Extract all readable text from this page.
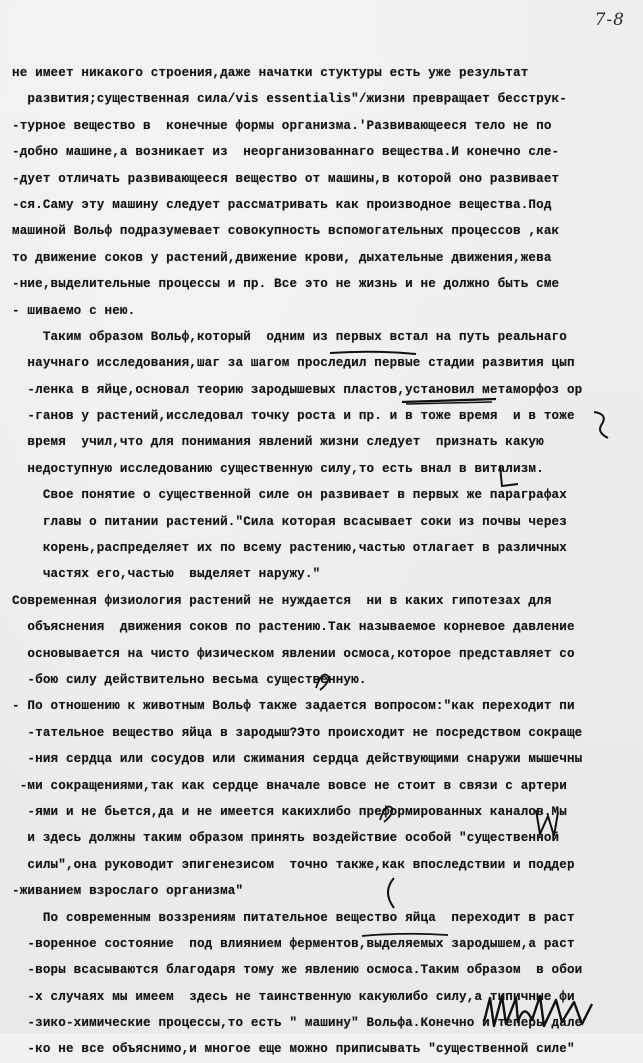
7-8
не имеет никакого строения,даже начатки стуктуры есть уже результат
развития;существенная сила/vis essentialis"/жизни превращает бесструк-
-турное вещество в  конечные формы организма.'Развивающееся тело не по
-добно машине,а возникает из  неорганизованнаго вещества.И конечно сле-
-дует отличать развивающееся вещество от машины,в которой оно развивает
-ся.Саму эту машину следует рассматривать как производное вещества.Под
машиной Вольф подразумевает совокупность вспомогательных процессов ,как
то движение соков у растений,движение крови, дыхательные движения,жева
-ние,выделительные процессы и пр. Все это не жизнь и не должно быть сме
- шиваемо с нею.
Таким образом Вольф,который  одним из первых встал на путь реальнаго
научнаго исследования,шаг за шагом проследил первые стадии развития цып
-ленка в яйце,основал теорию зародышевых пластов,установил метаморфоз ор
-ганов у растений,исследовал точку роста и пр. и в тоже время  и в тоже
время  учил,что для понимания явлений жизни следует  признать какую
недоступную исследованию существенную силу,то есть внал в витализм.
Свое понятие о существенной силе он развивает в первых же параграфах
главы о питании растений."Сила которая всасывает соки из почвы через
корень,распределяет их по всему растению,частью отлагает в различных
частях его,частью  выделяет наружу."
Современная физиология растений не нуждается  ни в каких гипотезах для
объяснения  движения соков по растению.Так называемое корневое давление
основывается на чисто физическом явлении осмоса,которое представляет со
-бою силу действительно весьма существенную.
- По отношению к животным Вольф также задается вопросом:"как переходит пи
-тательное вещество яйца в зародыш?Это происходит не посредством сокраще
-ния сердца или сосудов или сжимания сердца действующими снаружи мышечны
-ми сокращениями,так как сердце вначале вовсе не стоит в связи с артери
-ями и не бьется,да и не имеется какихлибо преформированных каналов.Мы
и здесь должны таким образом принять воздействие особой "существенной
силы",она руководит эпигенезисом  точно также,как впоследствии и поддер
-живанием взрослаго организма"
По современным воззрениям питательное вещество яйца  переходит в раст
-воренное состояние  под влиянием ферментов,выделяемых зародышем,а раст
-воры всасываются благодаря тому же явлению осмоса.Таким образом  в обои
-х случаях мы имеем  здесь не таинственную какуюлибо силу,а типичные фи
-зико-химические процессы,то есть " машину" Вольфа.Конечно и теперь дале
-ко не все объяснимо,и многое еще можно приписывать "существенной силе"
